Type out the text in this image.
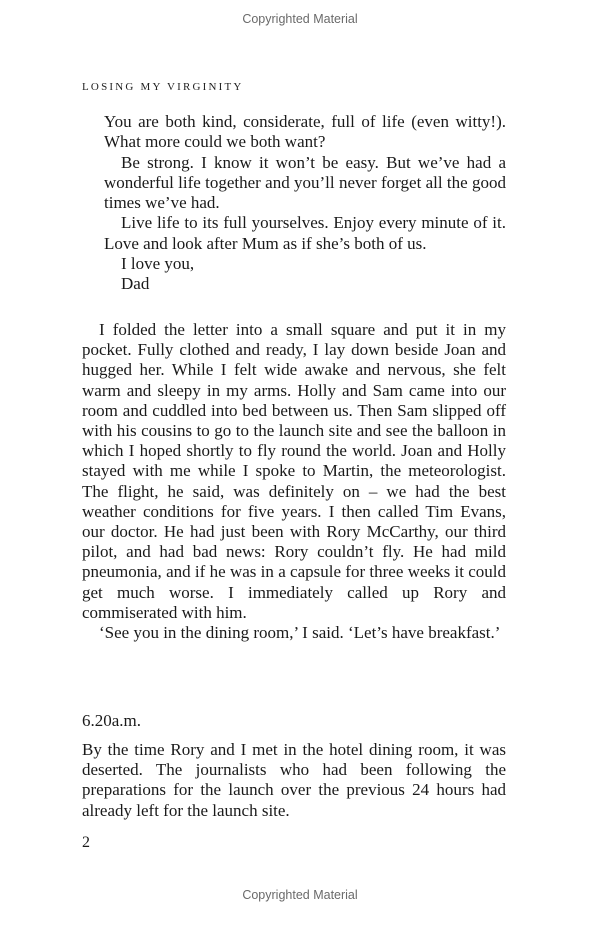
Copyrighted Material
LOSING MY VIRGINITY

You are both kind, considerate, full of life (even witty!). What more could we both want?

Be strong. I know it won’t be easy. But we’ve had a wonderful life together and you’ll never forget all the good times we’ve had.

Live life to its full yourselves. Enjoy every minute of it. Love and look after Mum as if she’s both of us.

I love you,

Dad

I folded the letter into a small square and put it in my pocket. Fully clothed and ready, I lay down beside Joan and hugged her. While I felt wide awake and nervous, she felt warm and sleepy in my arms. Holly and Sam came into our room and cuddled into bed between us. Then Sam slipped off with his cousins to go to the launch site and see the balloon in which I hoped shortly to fly round the world. Joan and Holly stayed with me while I spoke to Martin, the meteorologist. The flight, he said, was definitely on – we had the best weather conditions for five years. I then called Tim Evans, our doctor. He had just been with Rory McCarthy, our third pilot, and had bad news: Rory couldn’t fly. He had mild pneumonia, and if he was in a capsule for three weeks it could get much worse. I immediately called up Rory and commiserated with him.

‘See you in the dining room,’ I said. ‘Let’s have breakfast.’

6.20a.m.

By the time Rory and I met in the hotel dining room, it was deserted. The journalists who had been following the preparations for the launch over the previous 24 hours had already left for the launch site.

2
Copyrighted Material
